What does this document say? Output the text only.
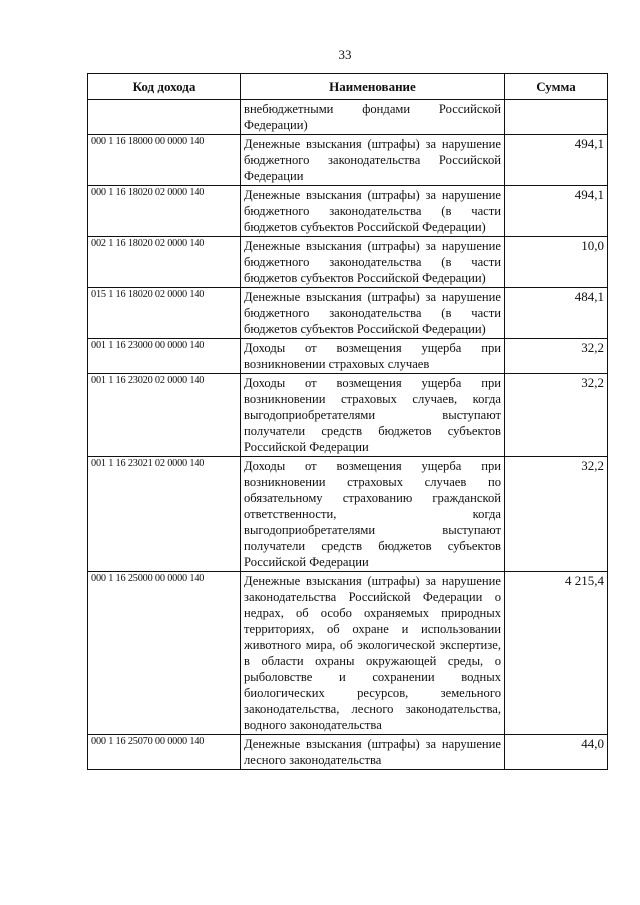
33
Код дохода	Наименование	Сумма
	внебюджетными фондами Российской Федерации)	
000 1 16 18000 00 0000 140	Денежные взыскания (штрафы) за нарушение бюджетного законодательства Российской Федерации	494,1
000 1 16 18020 02 0000 140	Денежные взыскания (штрафы) за нарушение бюджетного законодательства (в части бюджетов субъектов Российской Федерации)	494,1
002 1 16 18020 02 0000 140	Денежные взыскания (штрафы) за нарушение бюджетного законодательства (в части бюджетов субъектов Российской Федерации)	10,0
015 1 16 18020 02 0000 140	Денежные взыскания (штрафы) за нарушение бюджетного законодательства (в части бюджетов субъектов Российской Федерации)	484,1
001 1 16 23000 00 0000 140	Доходы от возмещения ущерба при возникновении страховых случаев	32,2
001 1 16 23020 02 0000 140	Доходы от возмещения ущерба при возникновении страховых случаев, когда выгодоприобретателями выступают получатели средств бюджетов субъектов Российской Федерации	32,2
001 1 16 23021 02 0000 140	Доходы от возмещения ущерба при возникновении страховых случаев по обязательному страхованию гражданской ответственности, когда выгодоприобретателями выступают получатели средств бюджетов субъектов Российской Федерации	32,2
000 1 16 25000 00 0000 140	Денежные взыскания (штрафы) за нарушение законодательства Российской Федерации о недрах, об особо охраняемых природных территориях, об охране и использовании животного мира, об экологической экспертизе, в области охраны окружающей среды, о рыболовстве и сохранении водных биологических ресурсов, земельного законодательства, лесного законодательства, водного законодательства	4 215,4
000 1 16 25070 00 0000 140	Денежные взыскания (штрафы) за нарушение лесного законодательства	44,0
